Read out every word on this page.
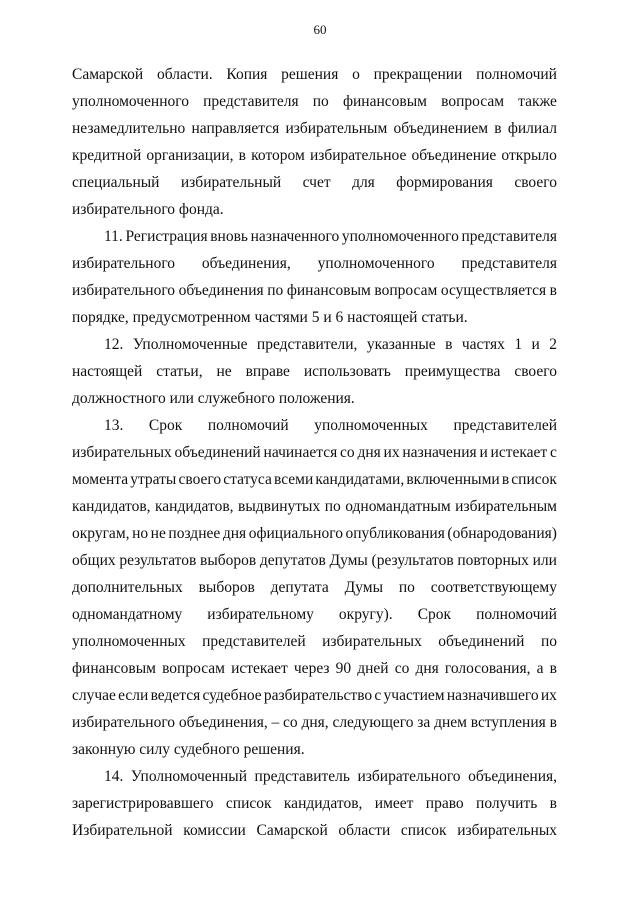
60
Самарской области. Копия решения о прекращении полномочий
уполномоченного представителя по финансовым вопросам также
незамедлительно направляется избирательным объединением в филиал
кредитной организации, в котором избирательное объединение открыло
специальный избирательный счет для формирования своего
избирательного фонда.
11. Регистрация вновь назначенного уполномоченного представителя
избирательного объединения, уполномоченного представителя
избирательного объединения по финансовым вопросам осуществляется в
порядке, предусмотренном частями 5 и 6 настоящей статьи.
12. Уполномоченные представители, указанные в частях 1 и 2
настоящей статьи, не вправе использовать преимущества своего
должностного или служебного положения.
13. Срок полномочий уполномоченных представителей
избирательных объединений начинается со дня их назначения и истекает с
момента утраты своего статуса всеми кандидатами, включенными в список
кандидатов, кандидатов, выдвинутых по одномандатным избирательным
округам, но не позднее дня официального опубликования (обнародования)
общих результатов выборов депутатов Думы (результатов повторных или
дополнительных выборов депутата Думы по соответствующему
одномандатному избирательному округу). Срок полномочий
уполномоченных представителей избирательных объединений по
финансовым вопросам истекает через 90 дней со дня голосования, а в
случае если ведется судебное разбирательство с участием назначившего их
избирательного объединения, – со дня, следующего за днем вступления в
законную силу судебного решения.
14. Уполномоченный представитель избирательного объединения,
зарегистрировавшего список кандидатов, имеет право получить в
Избирательной комиссии Самарской области список избирательных
